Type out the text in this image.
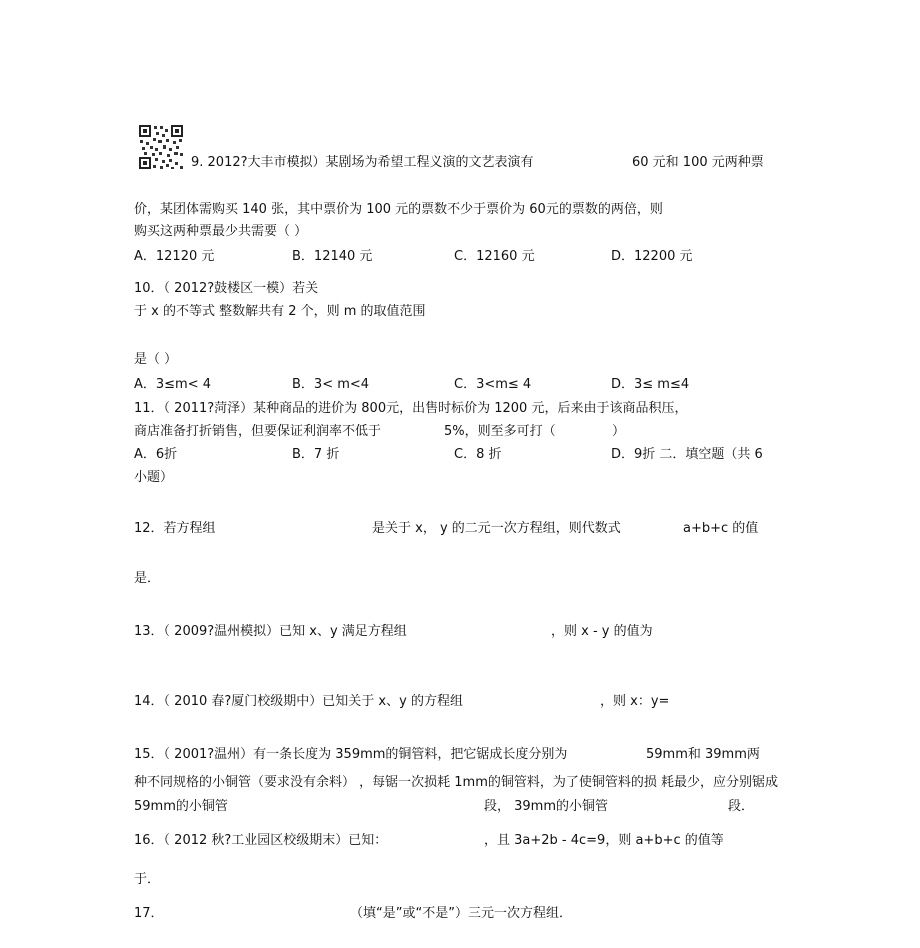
9. 2012?大丰市模拟）某剧场为希望工程义演的文艺表演有	60 元和 100 元两种票
价，某团体需购买 140 张，其中票价为 100 元的票数不少于票价为 60元的票数的两倍，则
购买这两种票最少共需要（ ）
A．12120 元	B．12140 元	C．12160 元	D．12200 元
10．（ 2012?鼓楼区一模）若关
于 x 的不等式 整数解共有 2 个，则 m 的取值范围
是（ ）
A．3≤m< 4	B．3< m<4	C．3<m≤ 4	D．3≤ m≤4
11．（ 2011?菏泽）某种商品的进价为 800元，出售时标价为 1200 元，后来由于该商品积压，
商店准备打折销售，但要保证利润率不低于	5%，则至多可打（	）
A．6折	B．7 折	C．8 折	D．9折 二．填空题（共 6
小题）
12．若方程组	是关于 x， y 的二元一次方程组，则代数式	a+b+c 的值
是．
13．（ 2009?温州模拟）已知 x、y 满足方程组	，则 x - y 的值为
14．（ 2010 春?厦门校级期中）已知关于 x、y 的方程组	，则 x：y=
15．（ 2001?温州）有一条长度为 359mm的铜管料，把它锯成长度分别为	59mm和 39mm两
种不同规格的小铜管（要求没有余料） ，每锯一次损耗 1mm的铜管料，为了使铜管料的损 耗最少，应分别锯成
59mm的小铜管	段， 39mm的小铜管	段．
16．（ 2012 秋?工业园区校级期末）已知：	，且 3a+2b - 4c=9，则 a+b+c 的值等
于．
17．	（填“是”或“不是”）三元一次方程组．
